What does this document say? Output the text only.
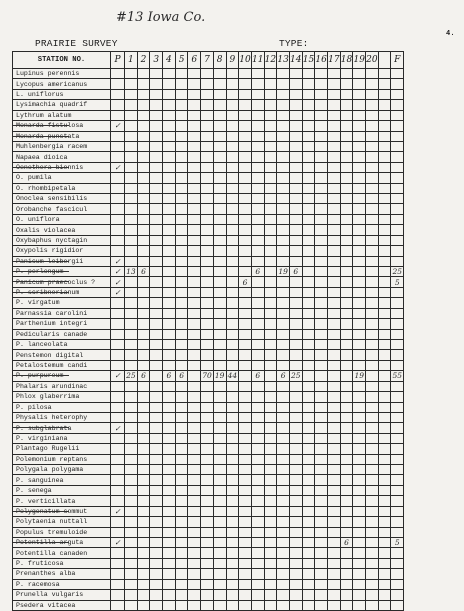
#13 Iowa Co.
PRAIRIE SURVEY	TYPE:
4.
STATION NO.	P	1	2	3	4	5	6	7	8	9	10	11	12	13	14	15	16	17	18	19	20		F
Lupinus perennis																							
Lycopus americanus																							
L. uniflorus																							
Lysimachia quadrif																							
Lythrum alatum																							
Monarda fistulosa	✓																						
Monarda punctata																							
Muhlenbergia racem																							
Napaea dioica																							
Oenothera biennis	✓																						
O. pumila																							
O. rhombipetala																							
Onoclea sensibilis																							
Orobanche fascicul																							
O. uniflora																							
Oxalis violacea																							
Oxybaphus nyctagin																							
Oxypolis rigidior																							
Panicum leibergii	✓																						
P. perlongum	✓	13	6									6		19	6								25
Panicum praecoclus ?	✓										6												5
P. scribnerianum	✓																						
P. virgatum																							
Parnassia carolini																							
Parthenium integri																							
Pedicularis canade																							
P. lanceolata																							
Penstemon digital																							
Petalostemum candi																							
P. purpureum	✓	25	6		6	6		70	19	44		6		6	25					19			55
Phalaris arundinac																							
Phlox glaberrima																							
P. pilosa																							
Physalis heterophy																							
P. subglabrata	✓																						
P. virginiana																							
Plantago Rugelii																							
Polemonium reptans																							
Polygala polygama																							
P. sanguinea																							
P. senega																							
P. verticillata																							
Polygonatum commut	✓																						
Polytaenia nuttall																							
Populus tremuloide																							
Potentilla arguta	✓																		6				5
Potentilla canaden																							
P. fruticosa																							
Prenanthes alba																							
P. racemosa																							
Prunella vulgaris																							
Psedera vitacea																							
